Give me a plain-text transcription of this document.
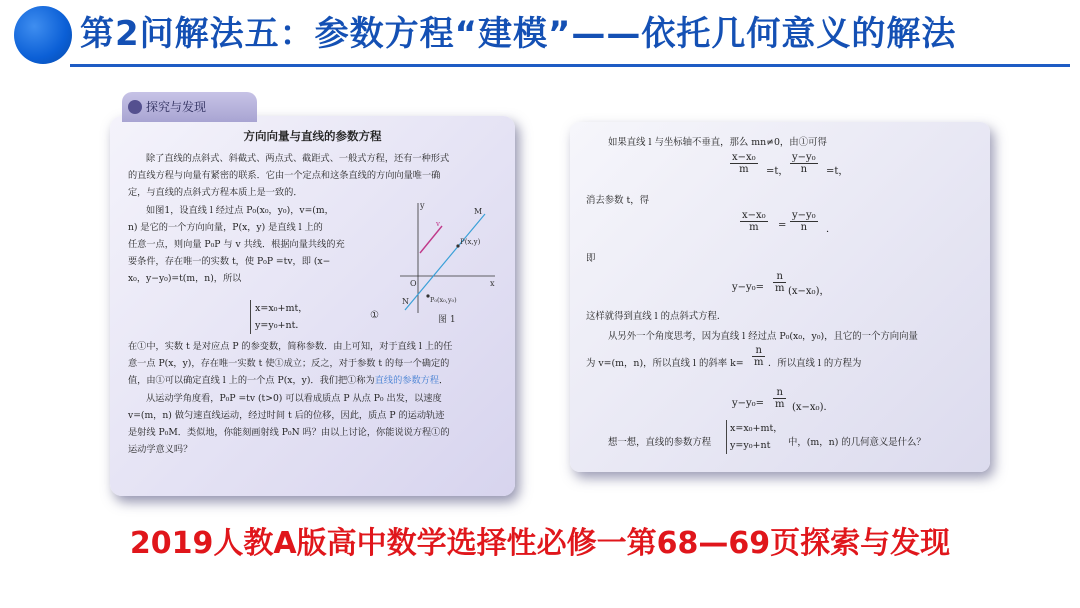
第2问解法五：参数方程“建模”——依托几何意义的解法
方向向量与直线的参数方程
除了直线的点斜式、斜截式、两点式、截距式、一般式方程，还有一种形式
的直线方程与向量有紧密的联系．它由一个定点和这条直线的方向向量唯一确
定，与直线的点斜式方程本质上是一致的．
如图1，设直线 l 经过点 P₀(x₀，y₀)，v=(m，
n) 是它的一个方向向量，P(x，y) 是直线 l 上的
任意一点，则向量 P₀P 与 v 共线．根据向量共线的充
要条件，存在唯一的实数 t，使 P₀P =tv，即 (x−
x₀，y−y₀)=t(m，n)，所以
x=x₀+mt，
y=y₀+nt．
①
y
x
O
M
N
P(x,y)
P₀(x₀,y₀)
v
图 1
在①中，实数 t 是对应点 P 的参变数，简称参数．由上可知，对于直线 l 上的任
意一点 P(x，y)，存在唯一实数 t 使①成立；反之，对于参数 t 的每一个确定的
值，由①可以确定直线 l 上的一个点 P(x，y)．我们把①称为直线的参数方程．
从运动学角度看，P₀P =tv (t>0) 可以看成质点 P 从点 P₀ 出发，以速度
v=(m，n) 做匀速直线运动，经过时间 t 后的位移，因此，质点 P 的运动轨迹
是射线 P₀M．类似地，你能刻画射线 P₀N 吗？由以上讨论，你能说说方程①的
运动学意义吗？
探究与发现
如果直线 l 与坐标轴不垂直，那么 mn≠0，由①可得
$\frac{\text{x−x₀}}{m} =t$， $\frac{\text{y−y₀}}{n} =t$，
消去参数 t，得
$\frac{\text{x−x₀}}{m} = \frac{\text{y−y₀}}{n}$ ．
即
$y-y_0= \frac{n}{m} (x-x_0)$，
这样就得到直线 l 的点斜式方程．
从另外一个角度思考，因为直线 l 经过点 P₀(x₀，y₀)，且它的一个方向向量
为 v=(m，n)，所以直线 l 的斜率 $k= \frac{n}{m}$ ．所以直线 l 的方程为
$y-y_0= \frac{n}{m} (x-x_0)$．
想一想，直线的参数方程
x=x₀+mt，
y=y₀+nt	中，(m，n) 的几何意义是什么？
2019人教A版高中数学选择性必修一第68—69页探索与发现
